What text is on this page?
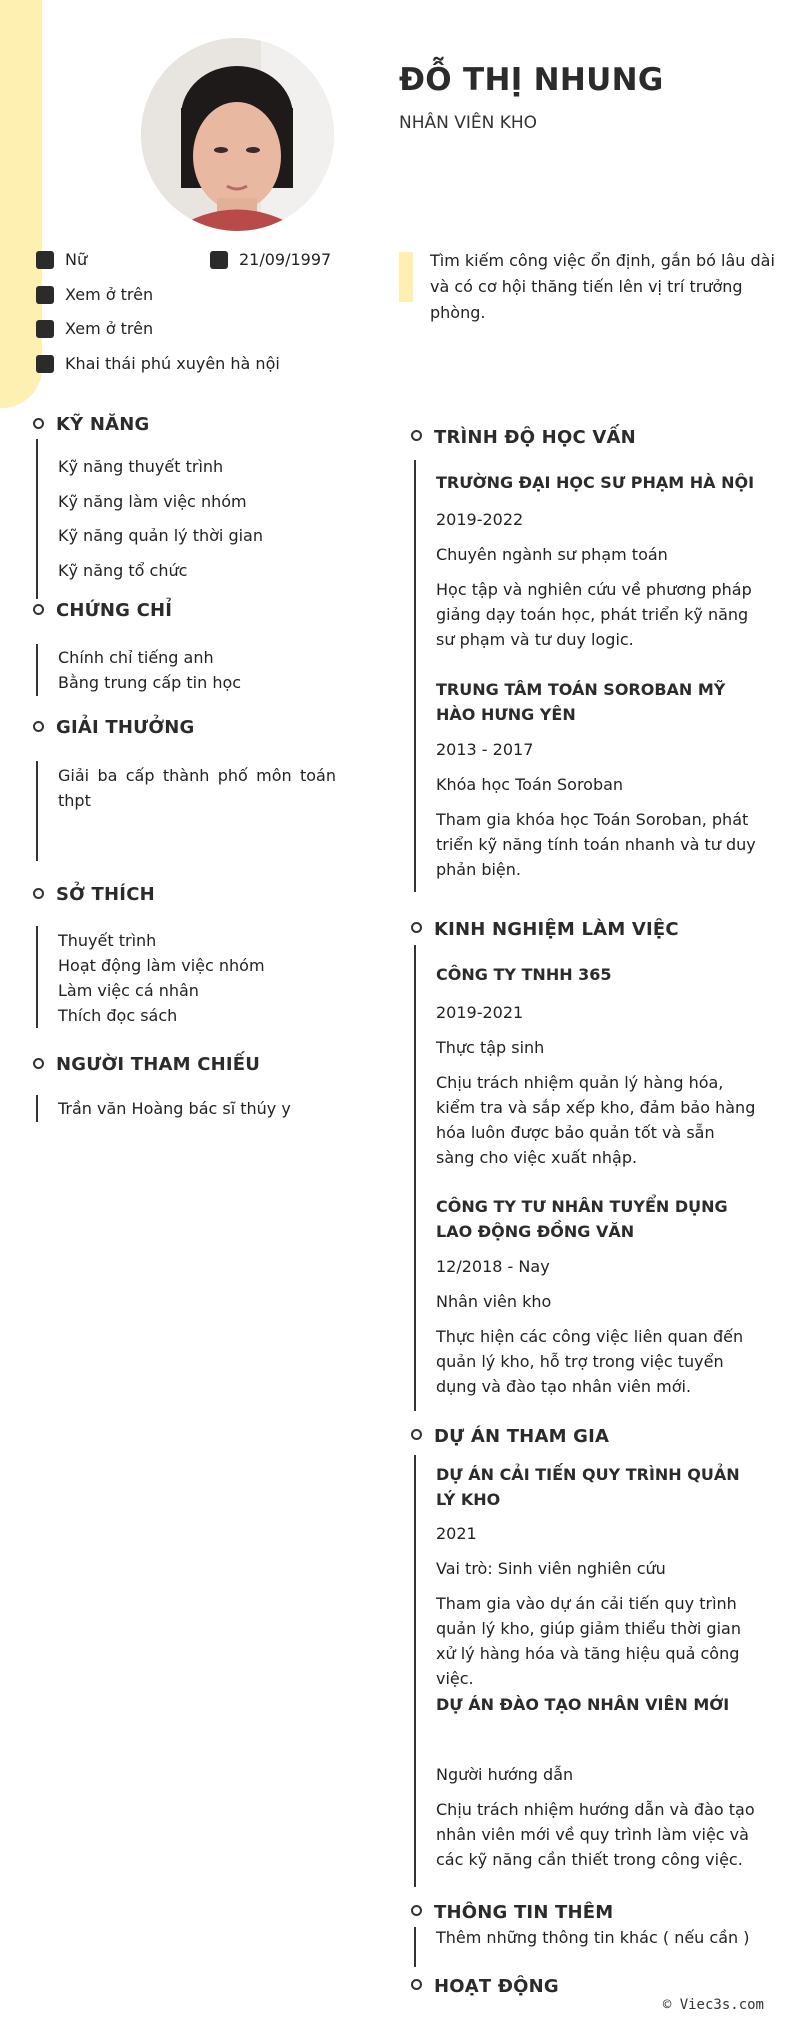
ĐỖ THỊ NHUNG
NHÂN VIÊN KHO
Nữ	21/09/1997
Xem ở trên
Xem ở trên
Khai thái phú xuyên hà nội
Tìm kiếm công việc ổn định, gắn bó lâu dài và có cơ hội thăng tiến lên vị trí trưởng phòng.
KỸ NĂNG
Kỹ năng thuyết trình
Kỹ năng làm việc nhóm
Kỹ năng quản lý thời gian
Kỹ năng tổ chức
CHỨNG CHỈ
Chính chỉ tiếng anh
Bằng trung cấp tin học
GIẢI THƯỞNG
Giải ba cấp thành phố môn toán thpt
SỞ THÍCH
Thuyết trình
Hoạt động làm việc nhóm
Làm việc cá nhân
Thích đọc sách
NGƯỜI THAM CHIẾU
Trần văn Hoàng bác sĩ thúy y
TRÌNH ĐỘ HỌC VẤN
TRƯỜNG ĐẠI HỌC SƯ PHẠM HÀ NỘI
2019-2022
Chuyên ngành sư phạm toán
Học tập và nghiên cứu về phương pháp giảng dạy toán học, phát triển kỹ năng sư phạm và tư duy logic.
TRUNG TÂM TOÁN SOROBAN MỸ HÀO HƯNG YÊN
2013 - 2017
Khóa học Toán Soroban
Tham gia khóa học Toán Soroban, phát triển kỹ năng tính toán nhanh và tư duy phản biện.
KINH NGHIỆM LÀM VIỆC
CÔNG TY TNHH 365
2019-2021
Thực tập sinh
Chịu trách nhiệm quản lý hàng hóa, kiểm tra và sắp xếp kho, đảm bảo hàng hóa luôn được bảo quản tốt và sẵn sàng cho việc xuất nhập.
CÔNG TY TƯ NHÂN TUYỂN DỤNG LAO ĐỘNG ĐỒNG VĂN
12/2018 - Nay
Nhân viên kho
Thực hiện các công việc liên quan đến quản lý kho, hỗ trợ trong việc tuyển dụng và đào tạo nhân viên mới.
DỰ ÁN THAM GIA
DỰ ÁN CẢI TIẾN QUY TRÌNH QUẢN LÝ KHO
2021
Vai trò: Sinh viên nghiên cứu
Tham gia vào dự án cải tiến quy trình quản lý kho, giúp giảm thiểu thời gian xử lý hàng hóa và tăng hiệu quả công việc.
DỰ ÁN ĐÀO TẠO NHÂN VIÊN MỚI
Người hướng dẫn
Chịu trách nhiệm hướng dẫn và đào tạo nhân viên mới về quy trình làm việc và các kỹ năng cần thiết trong công việc.
THÔNG TIN THÊM
Thêm những thông tin khác ( nếu cần )
HOẠT ĐỘNG
© Viec3s.com
